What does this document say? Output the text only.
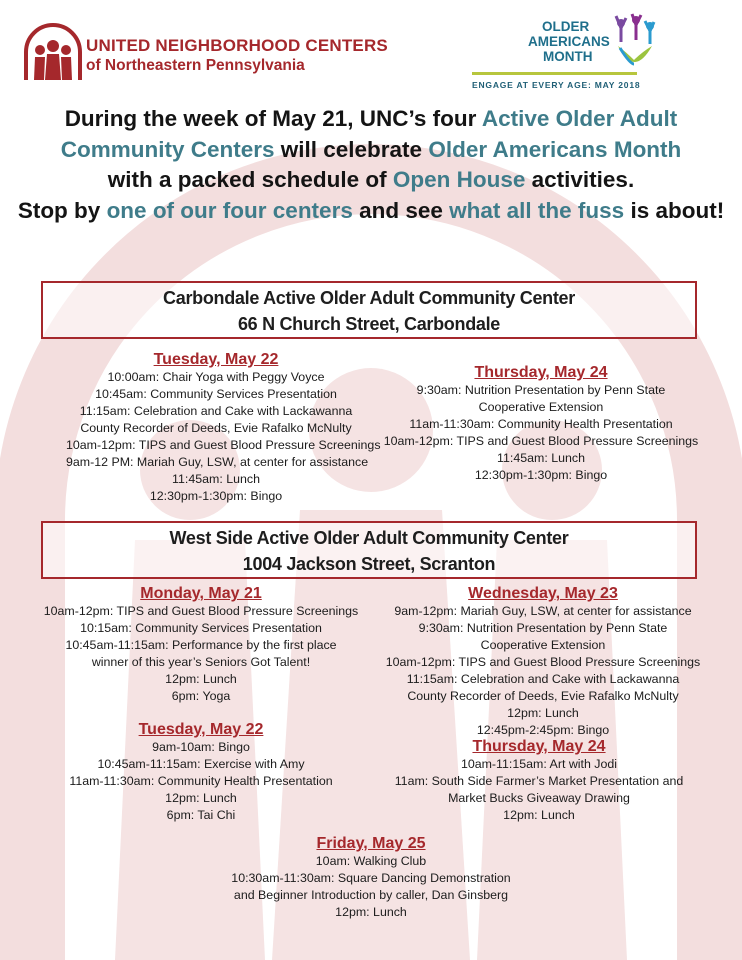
UNITED NEIGHBORHOOD CENTERS
of Northeastern Pennsylvania
OLDER
AMERICANS
MONTH
ENGAGE AT EVERY AGE: MAY 2018
During the week of May 21, UNC’s four Active Older Adult Community Centers will celebrate Older Americans Month
with a packed schedule of Open House activities.
Stop by one of our four centers and see what all the fuss is about!
Carbondale Active Older Adult Community Center
66 N Church Street, Carbondale
Tuesday, May 22
10:00am: Chair Yoga with Peggy Voyce
10:45am: Community Services Presentation
11:15am: Celebration and Cake with Lackawanna
County Recorder of Deeds, Evie Rafalko McNulty
10am-12pm: TIPS and Guest Blood Pressure Screenings
9am-12 PM: Mariah Guy, LSW, at center for assistance
11:45am: Lunch
12:30pm-1:30pm: Bingo
Thursday, May 24
9:30am: Nutrition Presentation by Penn State
Cooperative Extension
11am-11:30am: Community Health Presentation
10am-12pm: TIPS and Guest Blood Pressure Screenings
11:45am: Lunch
12:30pm-1:30pm: Bingo
West Side Active Older Adult Community Center
1004 Jackson Street, Scranton
Monday, May 21
10am-12pm: TIPS and Guest Blood Pressure Screenings
10:15am: Community Services Presentation
10:45am-11:15am: Performance by the first place
winner of this year’s Seniors Got Talent!
12pm: Lunch
6pm: Yoga
Tuesday, May 22
9am-10am: Bingo
10:45am-11:15am: Exercise with Amy
11am-11:30am: Community Health Presentation
12pm: Lunch
6pm: Tai Chi
Wednesday, May 23
9am-12pm: Mariah Guy, LSW, at center for assistance
9:30am: Nutrition Presentation by Penn State
Cooperative Extension
10am-12pm: TIPS and Guest Blood Pressure Screenings
11:15am: Celebration and Cake with Lackawanna
County Recorder of Deeds, Evie Rafalko McNulty
12pm: Lunch
12:45pm-2:45pm: Bingo
Thursday, May 24
10am-11:15am: Art with Jodi
11am: South Side Farmer’s Market Presentation and
Market Bucks Giveaway Drawing
12pm: Lunch
Friday, May 25
10am: Walking Club
10:30am-11:30am: Square Dancing Demonstration
and Beginner Introduction by caller, Dan Ginsberg
12pm: Lunch
